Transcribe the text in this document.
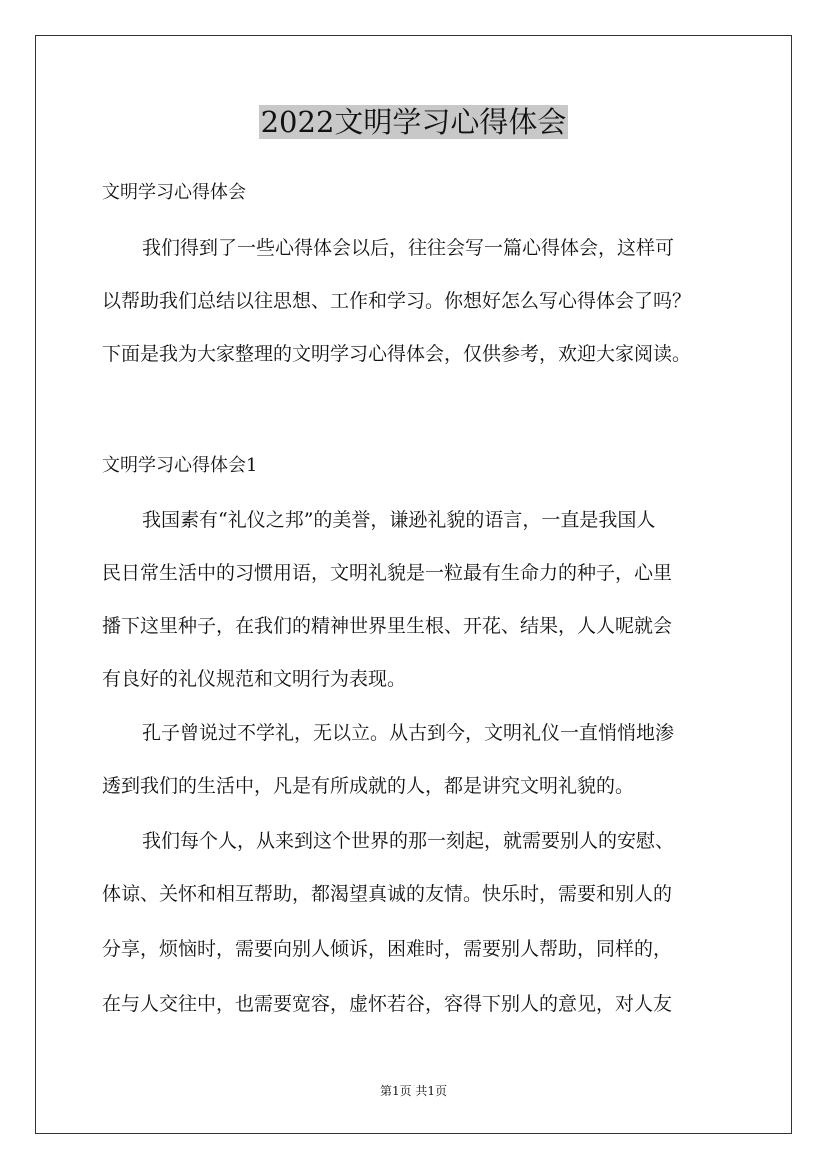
2022文明学习心得体会
文明学习心得体会
我们得到了一些心得体会以后，往往会写一篇心得体会，这样可
以帮助我们总结以往思想、工作和学习。你想好怎么写心得体会了吗？
下面是我为大家整理的文明学习心得体会，仅供参考，欢迎大家阅读。
文明学习心得体会1
我国素有“礼仪之邦”的美誉，谦逊礼貌的语言，一直是我国人
民日常生活中的习惯用语，文明礼貌是一粒最有生命力的种子，心里
播下这里种子，在我们的精神世界里生根、开花、结果，人人呢就会
有良好的礼仪规范和文明行为表现。
孔子曾说过不学礼，无以立。从古到今，文明礼仪一直悄悄地渗
透到我们的生活中，凡是有所成就的人，都是讲究文明礼貌的。
我们每个人，从来到这个世界的那一刻起，就需要别人的安慰、
体谅、关怀和相互帮助，都渴望真诚的友情。快乐时，需要和别人的
分享，烦恼时，需要向别人倾诉，困难时，需要别人帮助，同样的，
在与人交往中，也需要宽容，虚怀若谷，容得下别人的意见，对人友
第1页 共1页
